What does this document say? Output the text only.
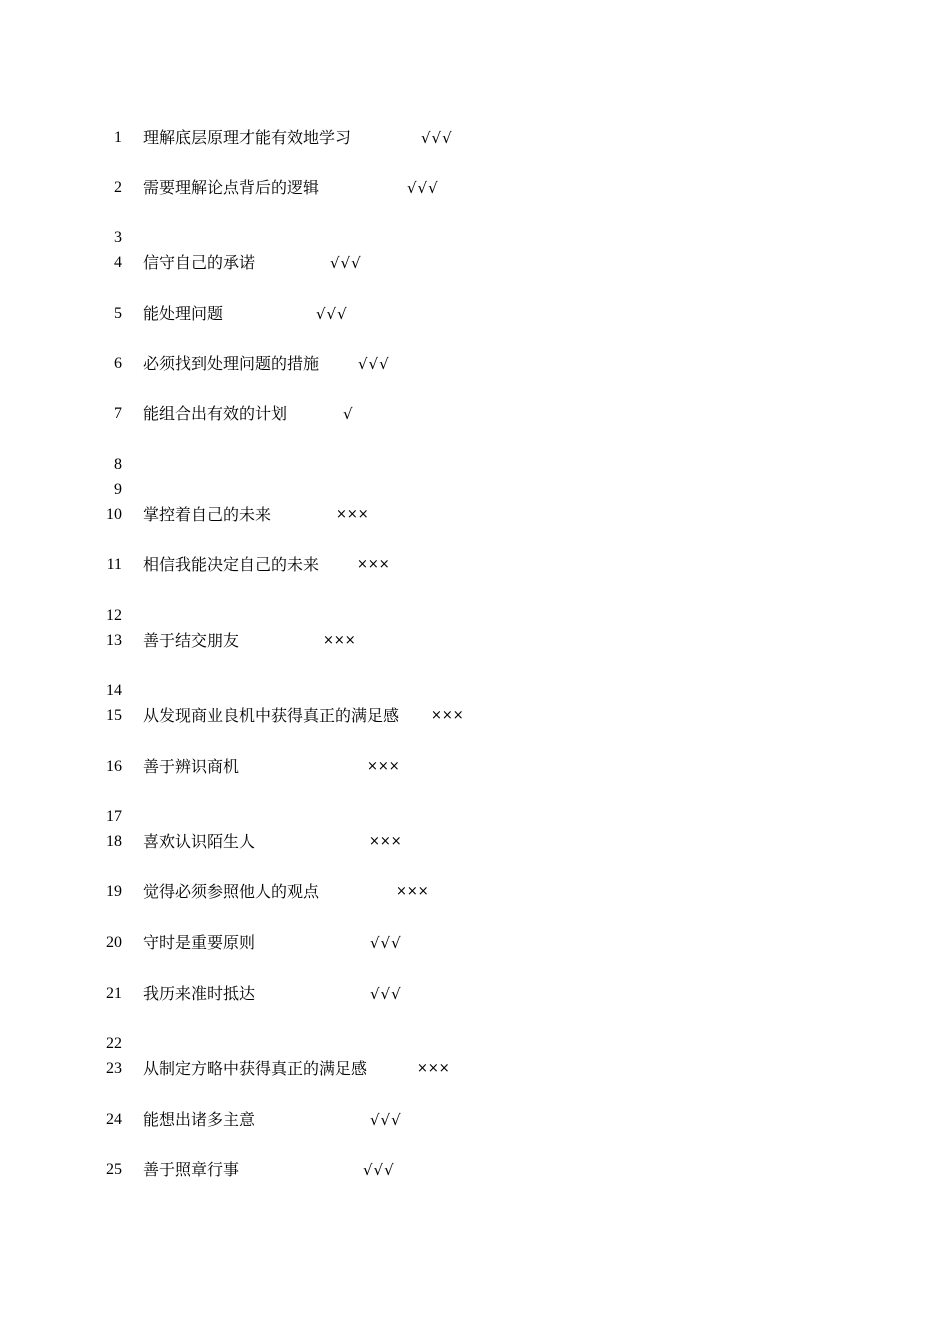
1 理解底层原理才能有效地学习	√√√
2 需要理解论点背后的逻辑	√√√
3
4 信守自己的承诺	√√√
5 能处理问题	√√√
6 必须找到处理问题的措施	√√√
7 能组合出有效的计划	√
8
9
10 掌控着自己的未来	×××
11 相信我能决定自己的未来	×××
12
13 善于结交朋友	×××
14
15 从发现商业良机中获得真正的满足感 ×××
16 善于辨识商机	×××
17
18 喜欢认识陌生人	×××
19 觉得必须参照他人的观点	×××
20 守时是重要原则	√√√
21 我历来准时抵达	√√√
22
23 从制定方略中获得真正的满足感	×××
24 能想出诸多主意	√√√
25 善于照章行事	√√√
